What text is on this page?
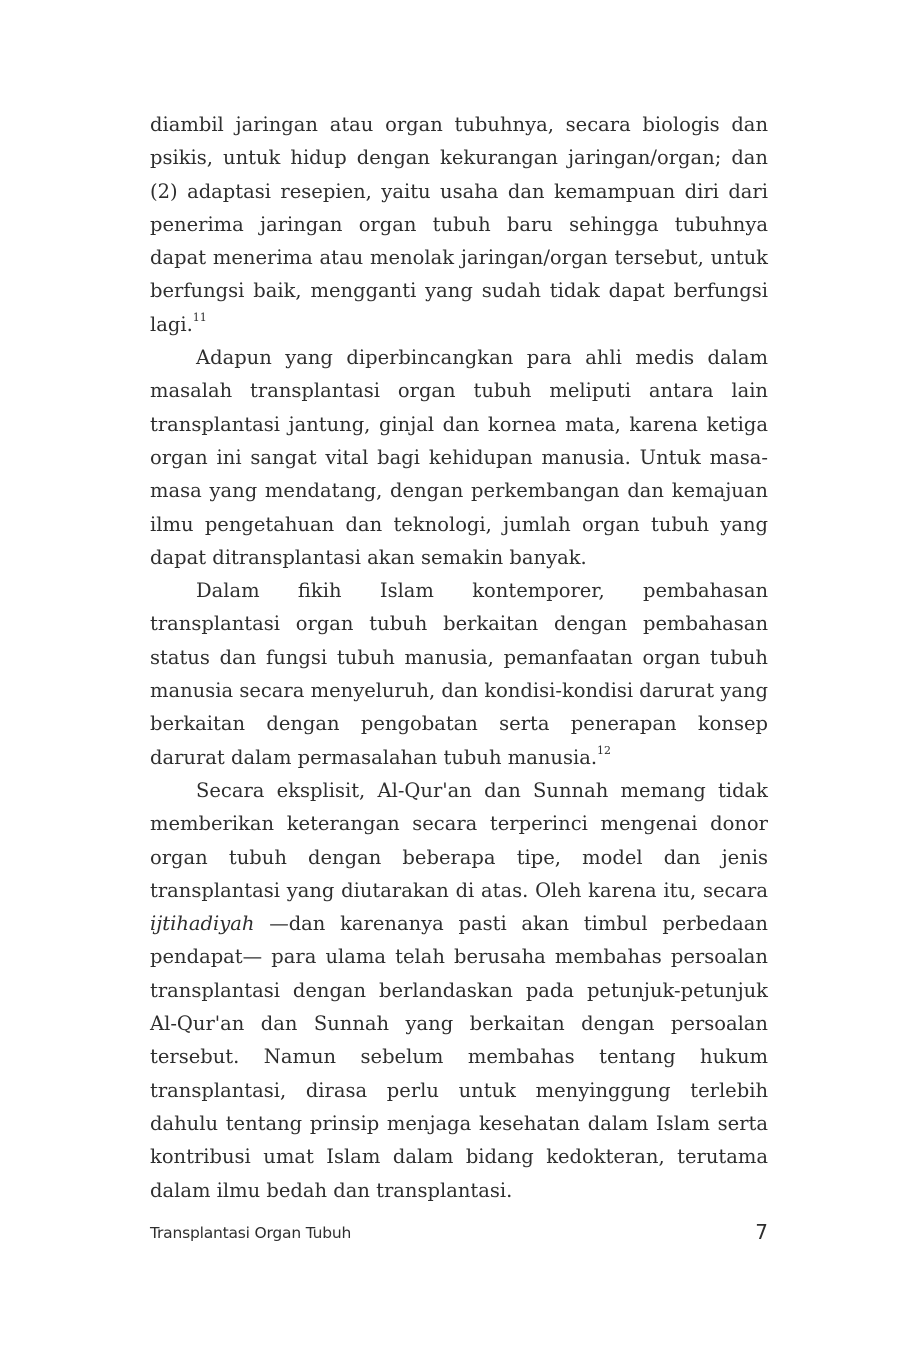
diambil jaringan atau organ tubuhnya, secara biologis dan psikis, untuk hidup dengan kekurangan jaringan/organ; dan (2) adaptasi resepien, yaitu usaha dan kemampuan diri dari penerima jaringan organ tubuh baru sehingga tubuhnya dapat menerima atau menolak jaringan/organ tersebut, untuk berfungsi baik, mengganti yang sudah tidak dapat berfungsi lagi.$^{11}$

Adapun yang diperbincangkan para ahli medis dalam masalah transplantasi organ tubuh meliputi antara lain transplantasi jantung, ginjal dan kornea mata, karena ketiga organ ini sangat vital bagi kehidupan manusia. Untuk masa-masa yang mendatang, dengan perkembangan dan kemajuan ilmu pengetahuan dan teknologi, jumlah organ tubuh yang dapat ditransplantasi akan semakin banyak.

Dalam fikih Islam kontemporer, pembahasan transplantasi organ tubuh berkaitan dengan pembahasan status dan fungsi tubuh manusia, pemanfaatan organ tubuh manusia secara menyeluruh, dan kondisi-kondisi darurat yang berkaitan dengan pengobatan serta penerapan konsep darurat dalam permasalahan tubuh manusia.$^{12}$

Secara eksplisit, Al-Qur'an dan Sunnah memang tidak memberikan keterangan secara terperinci mengenai donor organ tubuh dengan beberapa tipe, model dan jenis transplantasi yang diutarakan di atas. Oleh karena itu, secara ijtihadiyah —dan karenanya pasti akan timbul perbedaan pendapat— para ulama telah berusaha membahas persoalan transplantasi dengan berlandaskan pada petunjuk-petunjuk Al-Qur'an dan Sunnah yang berkaitan dengan persoalan tersebut. Namun sebelum membahas tentang hukum transplantasi, dirasa perlu untuk menyinggung terlebih dahulu tentang prinsip menjaga kesehatan dalam Islam serta kontribusi umat Islam dalam bidang kedokteran, terutama dalam ilmu bedah dan transplantasi.

Transplantasi Organ Tubuh	7
